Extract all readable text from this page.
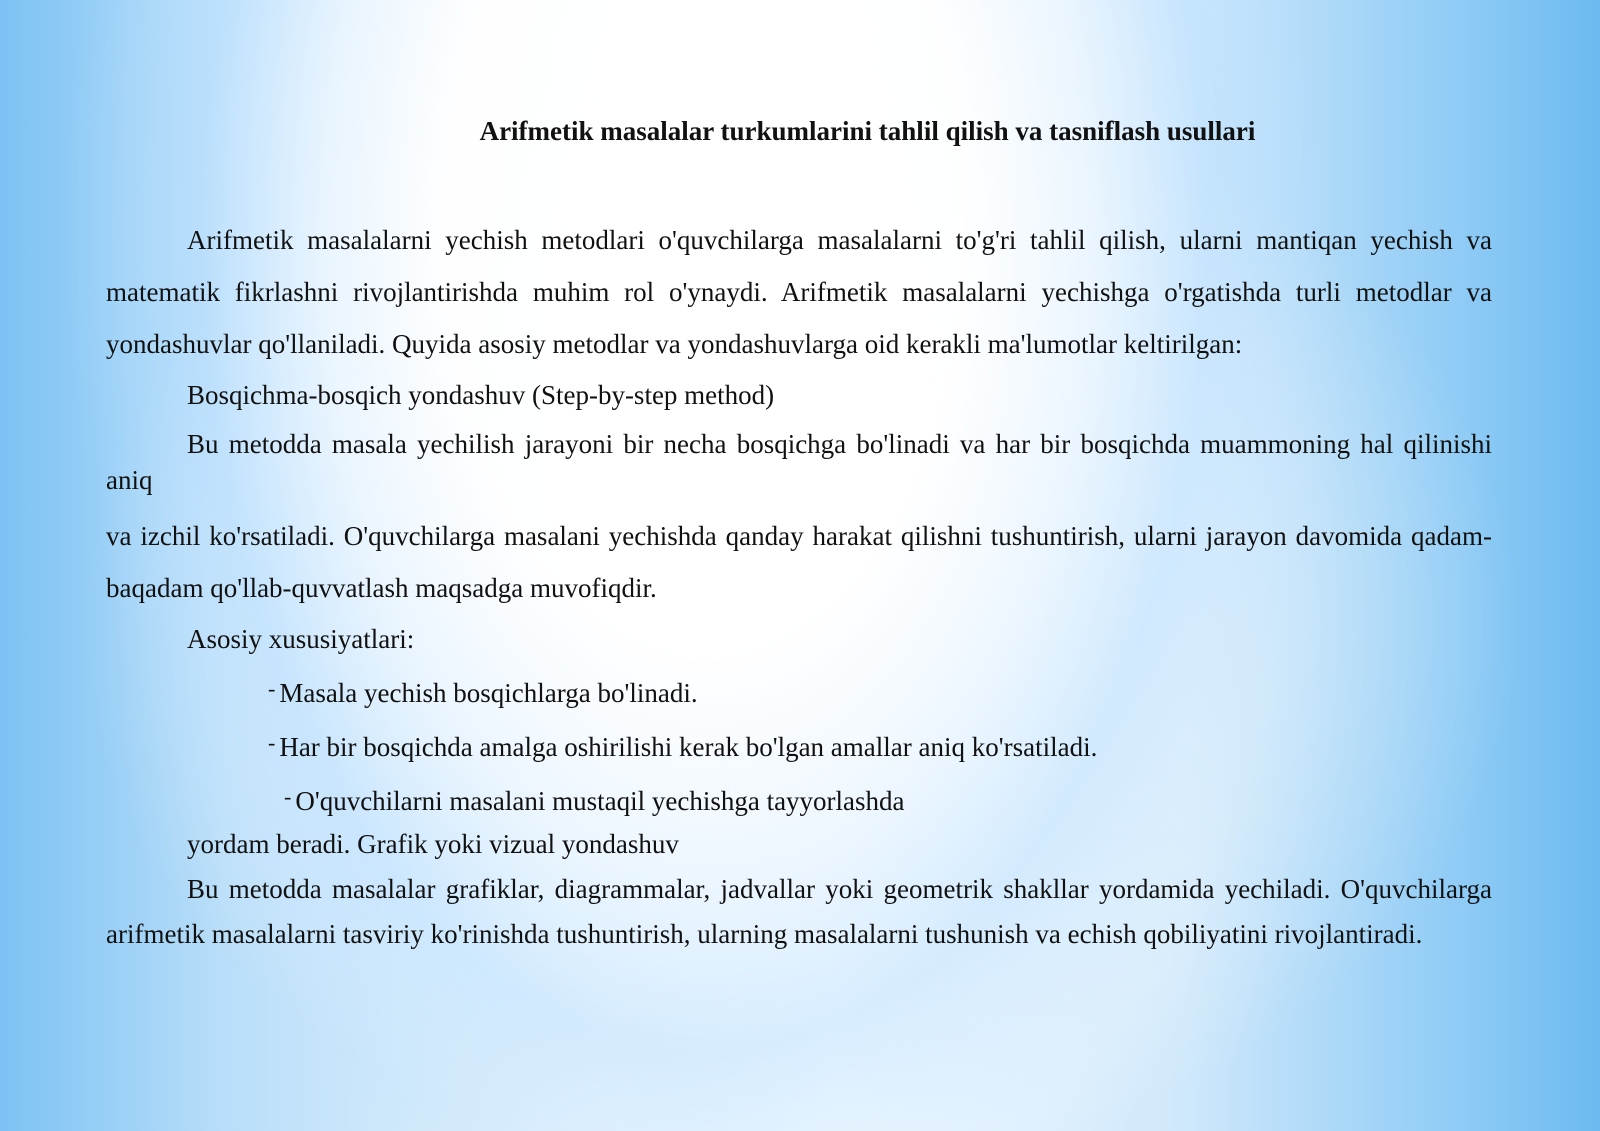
Arifmetik masalalar turkumlarini tahlil qilish va tasniflash usullari

Arifmetik masalalarni yechish metodlari o'quvchilarga masalalarni to'g'ri tahlil qilish, ularni mantiqan yechish va matematik fikrlashni rivojlantirishda muhim rol o'ynaydi. Arifmetik masalalarni yechishga o'rgatishda turli metodlar va yondashuvlar qo'llaniladi. Quyida asosiy metodlar va yondashuvlarga oid kerakli ma'lumotlar keltirilgan:

Bosqichma-bosqich yondashuv (Step-by-step method)

Bu metodda masala yechilish jarayoni bir necha bosqichga bo'linadi va har bir bosqichda muammoning hal qilinishi aniq

va izchil ko'rsatiladi. O'quvchilarga masalani yechishda qanday harakat qilishni tushuntirish, ularni jarayon davomida qadam- baqadam qo'llab-quvvatlash maqsadga muvofiqdir.

Asosiy xususiyatlari:

- Masala yechish bosqichlarga bo'linadi.

- Har bir bosqichda amalga oshirilishi kerak bo'lgan amallar aniq ko'rsatiladi.

- O'quvchilarni masalani mustaqil yechishga tayyorlashda

yordam beradi. Grafik yoki vizual yondashuv

Bu metodda masalalar grafiklar, diagrammalar, jadvallar yoki geometrik shakllar yordamida yechiladi. O'quvchilarga arifmetik masalalarni tasviriy ko'rinishda tushuntirish, ularning masalalarni tushunish va echish qobiliyatini rivojlantiradi.
